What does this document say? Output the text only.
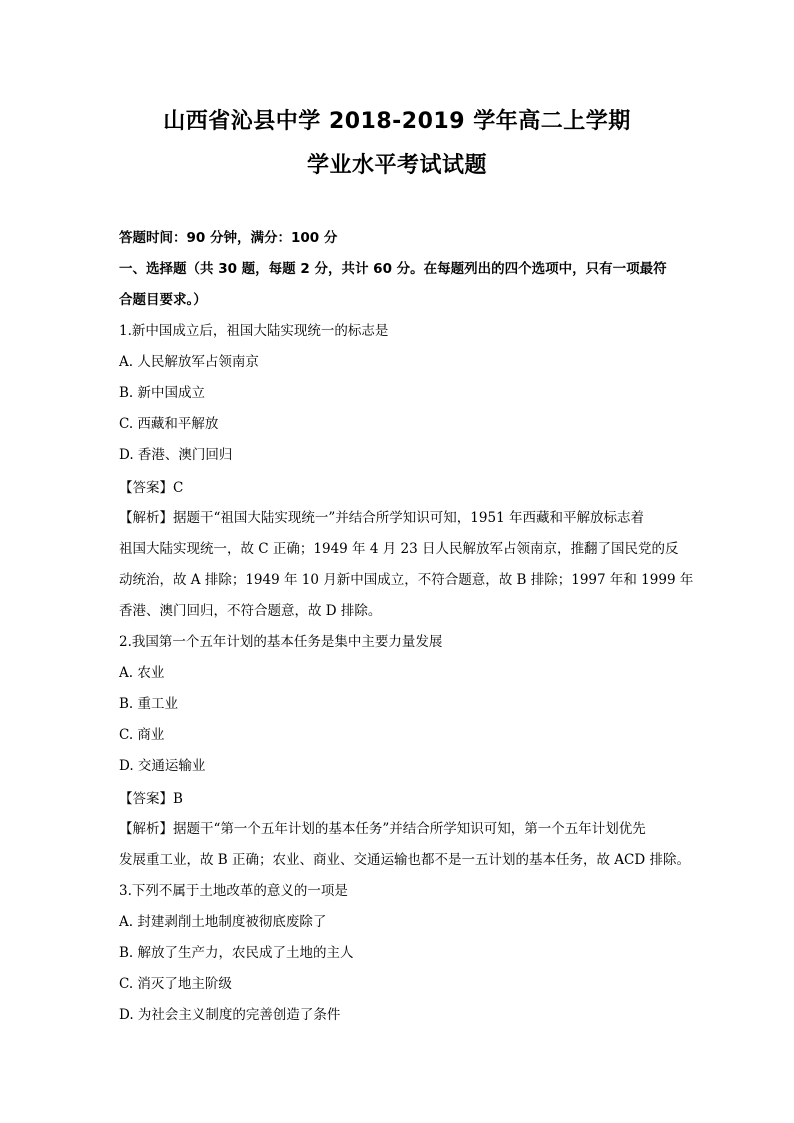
山西省沁县中学 2018-2019 学年高二上学期
学业水平考试试题
答题时间：90 分钟，满分：100 分
一、选择题（共 30 题，每题 2 分，共计 60 分。在每题列出的四个选项中，只有一项最符
合题目要求。）
1.新中国成立后，祖国大陆实现统一的标志是
A. 人民解放军占领南京
B. 新中国成立
C. 西藏和平解放
D. 香港、澳门回归
【答案】C
【解析】据题干“祖国大陆实现统一”并结合所学知识可知，1951 年西藏和平解放标志着
祖国大陆实现统一，故 C 正确；1949 年 4 月 23 日人民解放军占领南京，推翻了国民党的反
动统治，故 A 排除；1949 年 10 月新中国成立，不符合题意，故 B 排除；1997 年和 1999 年
香港、澳门回归，不符合题意，故 D 排除。
2.我国第一个五年计划的基本任务是集中主要力量发展
A. 农业
B. 重工业
C. 商业
D. 交通运输业
【答案】B
【解析】据题干“第一个五年计划的基本任务”并结合所学知识可知，第一个五年计划优先
发展重工业，故 B 正确；农业、商业、交通运输也都不是一五计划的基本任务，故 ACD 排除。
3.下列不属于土地改革的意义的一项是
A. 封建剥削土地制度被彻底废除了
B. 解放了生产力，农民成了土地的主人
C. 消灭了地主阶级
D. 为社会主义制度的完善创造了条件
